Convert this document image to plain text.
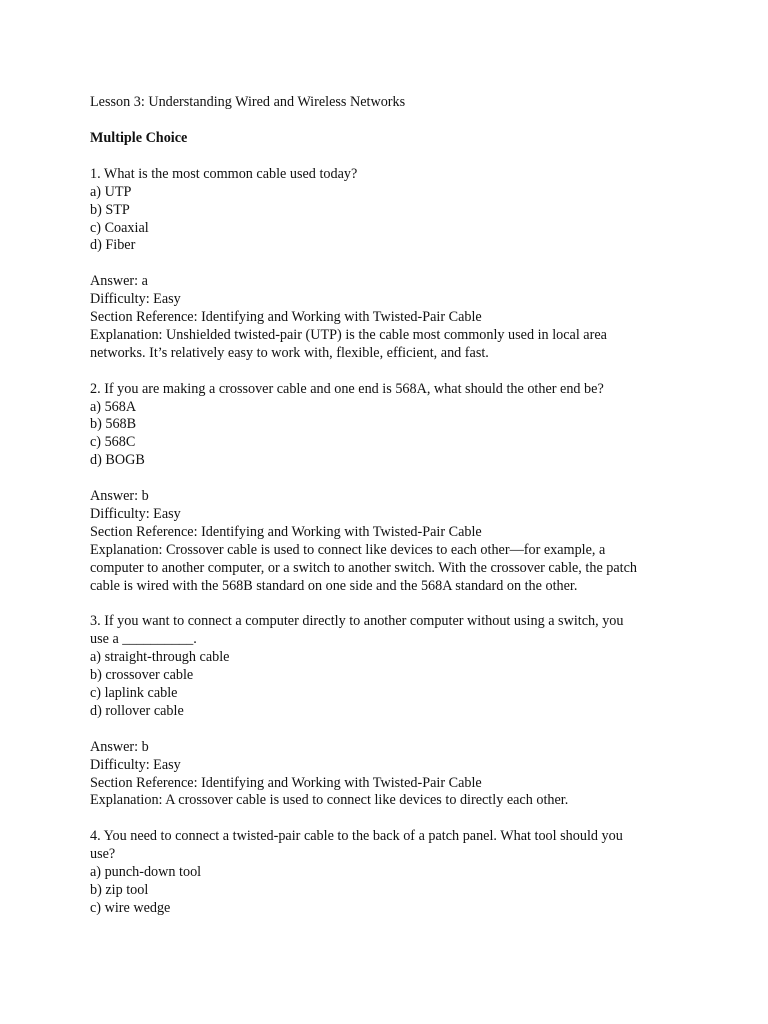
Lesson 3: Understanding Wired and Wireless Networks
Multiple Choice
1. What is the most common cable used today?
a) UTP
b) STP
c) Coaxial
d) Fiber
Answer: a
Difficulty: Easy
Section Reference: Identifying and Working with Twisted-Pair Cable
Explanation: Unshielded twisted-pair (UTP) is the cable most commonly used in local area
networks. It’s relatively easy to work with, flexible, efficient, and fast.
2. If you are making a crossover cable and one end is 568A, what should the other end be?
a) 568A
b) 568B
c) 568C
d) BOGB
Answer: b
Difficulty: Easy
Section Reference: Identifying and Working with Twisted-Pair Cable
Explanation: Crossover cable is used to connect like devices to each other—for example, a
computer to another computer, or a switch to another switch. With the crossover cable, the patch
cable is wired with the 568B standard on one side and the 568A standard on the other.
3. If you want to connect a computer directly to another computer without using a switch, you
use a __________.
a) straight-through cable
b) crossover cable
c) laplink cable
d) rollover cable
Answer: b
Difficulty: Easy
Section Reference: Identifying and Working with Twisted-Pair Cable
Explanation: A crossover cable is used to connect like devices to directly each other.
4. You need to connect a twisted-pair cable to the back of a patch panel. What tool should you
use?
a) punch-down tool
b) zip tool
c) wire wedge
